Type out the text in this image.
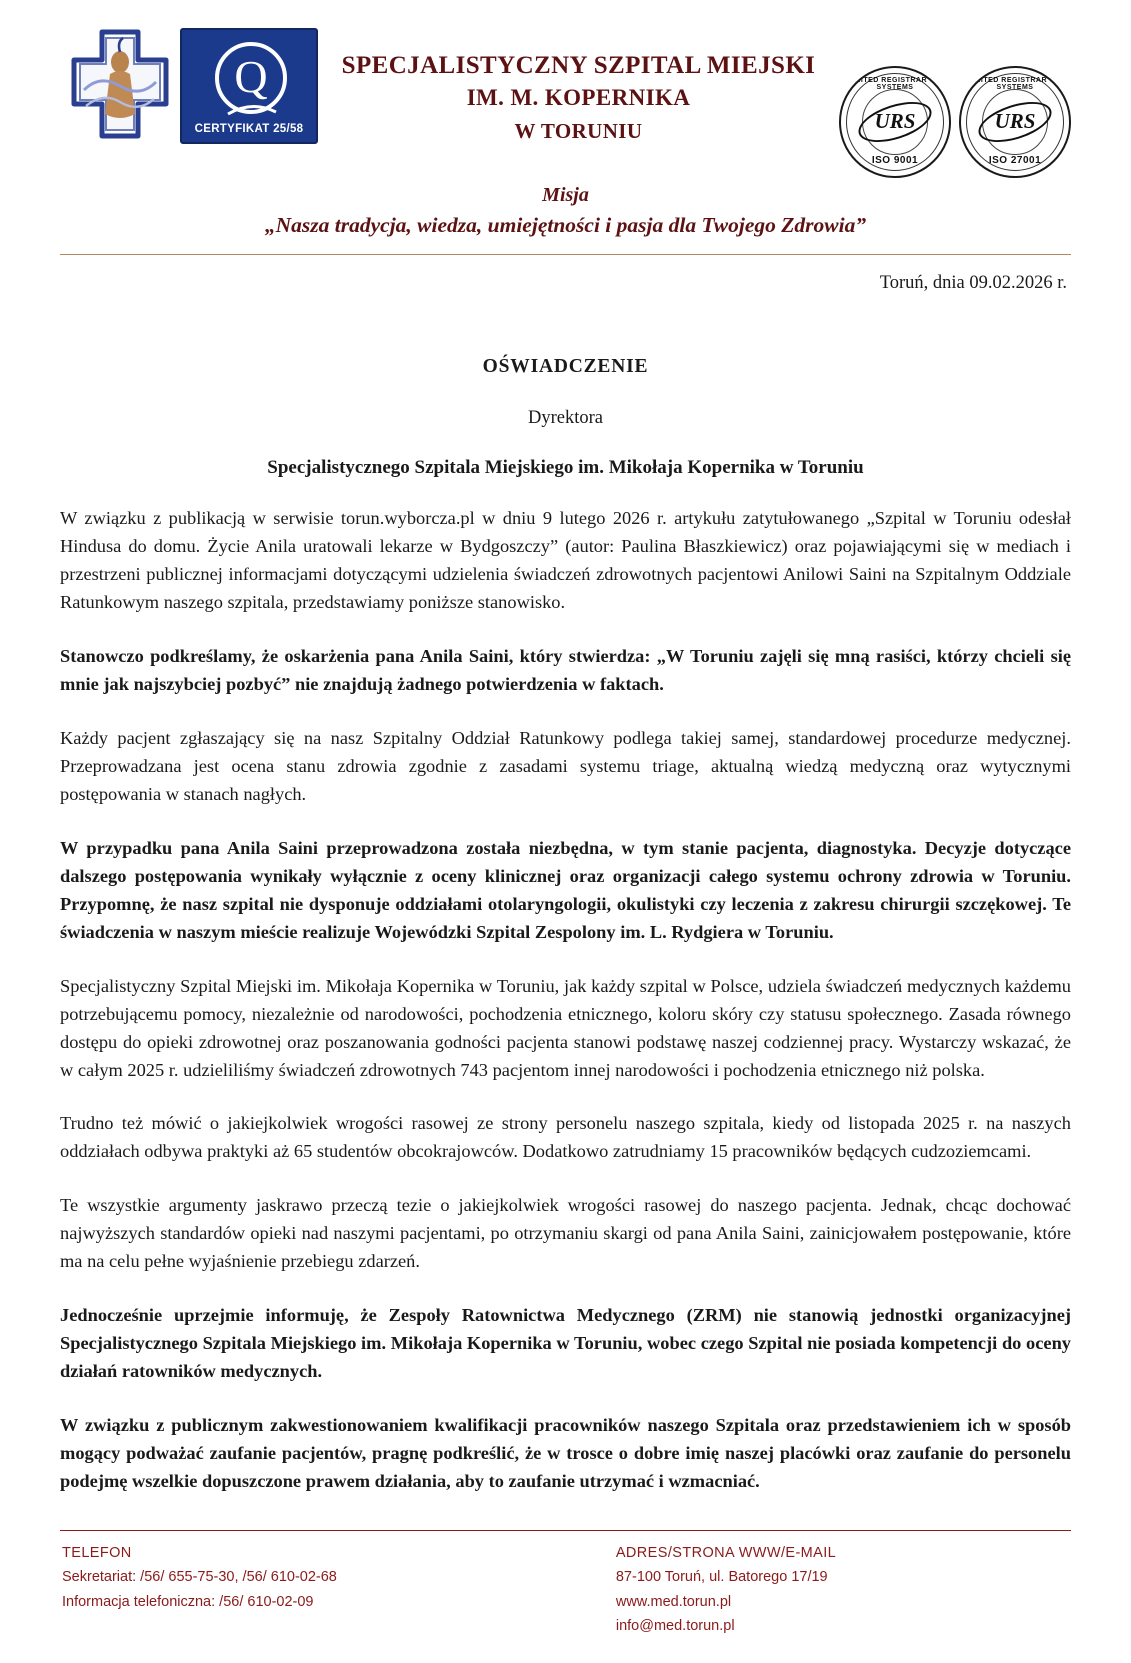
Q
CERTYFIKAT 25/58
SPECJALISTYCZNY SZPITAL MIEJSKI
IM. M. KOPERNIKA
W TORUNIU	URS
UNITED REGISTRAR OF SYSTEMS
ISO 9001
URS
UNITED REGISTRAR OF SYSTEMS
ISO 27001
Misja
„Nasza tradycja, wiedza, umiejętności i pasja dla Twojego Zdrowia”
Toruń, dnia 09.02.2026 r.
OŚWIADCZENIE
Dyrektora
Specjalistycznego Szpitala Miejskiego im. Mikołaja Kopernika w Toruniu

W związku z publikacją w serwisie torun.wyborcza.pl w dniu 9 lutego 2026 r. artykułu zatytułowanego „Szpital w Toruniu odesłał Hindusa do domu. Życie Anila uratowali lekarze w Bydgoszczy” (autor: Paulina Błaszkiewicz) oraz pojawiającymi się w mediach i przestrzeni publicznej informacjami dotyczącymi udzielenia świadczeń zdrowotnych pacjentowi Anilowi Saini na Szpitalnym Oddziale Ratunkowym naszego szpitala, przedstawiamy poniższe stanowisko.

Stanowczo podkreślamy, że oskarżenia pana Anila Saini, który stwierdza: „W Toruniu zajęli się mną rasiści, którzy chcieli się mnie jak najszybciej pozbyć” nie znajdują żadnego potwierdzenia w faktach.

Każdy pacjent zgłaszający się na nasz Szpitalny Oddział Ratunkowy podlega takiej samej, standardowej procedurze medycznej. Przeprowadzana jest ocena stanu zdrowia zgodnie z zasadami systemu triage, aktualną wiedzą medyczną oraz wytycznymi postępowania w stanach nagłych.

W przypadku pana Anila Saini przeprowadzona została niezbędna, w tym stanie pacjenta, diagnostyka. Decyzje dotyczące dalszego postępowania wynikały wyłącznie z oceny klinicznej oraz organizacji całego systemu ochrony zdrowia w Toruniu. Przypomnę, że nasz szpital nie dysponuje oddziałami otolaryngologii, okulistyki czy leczenia z zakresu chirurgii szczękowej. Te świadczenia w naszym mieście realizuje Wojewódzki Szpital Zespolony im. L. Rydgiera w Toruniu.

Specjalistyczny Szpital Miejski im. Mikołaja Kopernika w Toruniu, jak każdy szpital w Polsce, udziela świadczeń medycznych każdemu potrzebującemu pomocy, niezależnie od narodowości, pochodzenia etnicznego, koloru skóry czy statusu społecznego. Zasada równego dostępu do opieki zdrowotnej oraz poszanowania godności pacjenta stanowi podstawę naszej codziennej pracy. Wystarczy wskazać, że w całym 2025 r. udzieliliśmy świadczeń zdrowotnych 743 pacjentom innej narodowości i pochodzenia etnicznego niż polska.

Trudno też mówić o jakiejkolwiek wrogości rasowej ze strony personelu naszego szpitala, kiedy od listopada 2025 r. na naszych oddziałach odbywa praktyki aż 65 studentów obcokrajowców. Dodatkowo zatrudniamy 15 pracowników będących cudzoziemcami.

Te wszystkie argumenty jaskrawo przeczą tezie o jakiejkolwiek wrogości rasowej do naszego pacjenta. Jednak, chcąc dochować najwyższych standardów opieki nad naszymi pacjentami, po otrzymaniu skargi od pana Anila Saini, zainicjowałem postępowanie, które ma na celu pełne wyjaśnienie przebiegu zdarzeń.

Jednocześnie uprzejmie informuję, że Zespoły Ratownictwa Medycznego (ZRM) nie stanowią jednostki organizacyjnej Specjalistycznego Szpitala Miejskiego im. Mikołaja Kopernika w Toruniu, wobec czego Szpital nie posiada kompetencji do oceny działań ratowników medycznych.

W związku z publicznym zakwestionowaniem kwalifikacji pracowników naszego Szpitala oraz przedstawieniem ich w sposób mogący podważać zaufanie pacjentów, pragnę podkreślić, że w trosce o dobre imię naszej placówki oraz zaufanie do personelu podejmę wszelkie dopuszczone prawem działania, aby to zaufanie utrzymać i wzmacniać.

TELEFON
Sekretariat: /56/ 655-75-30, /56/ 610-02-68
Informacja telefoniczna: /56/ 610-02-09
ADRES/STRONA WWW/E-MAIL
87-100 Toruń, ul. Batorego 17/19
www.med.torun.pl
info@med.torun.pl
